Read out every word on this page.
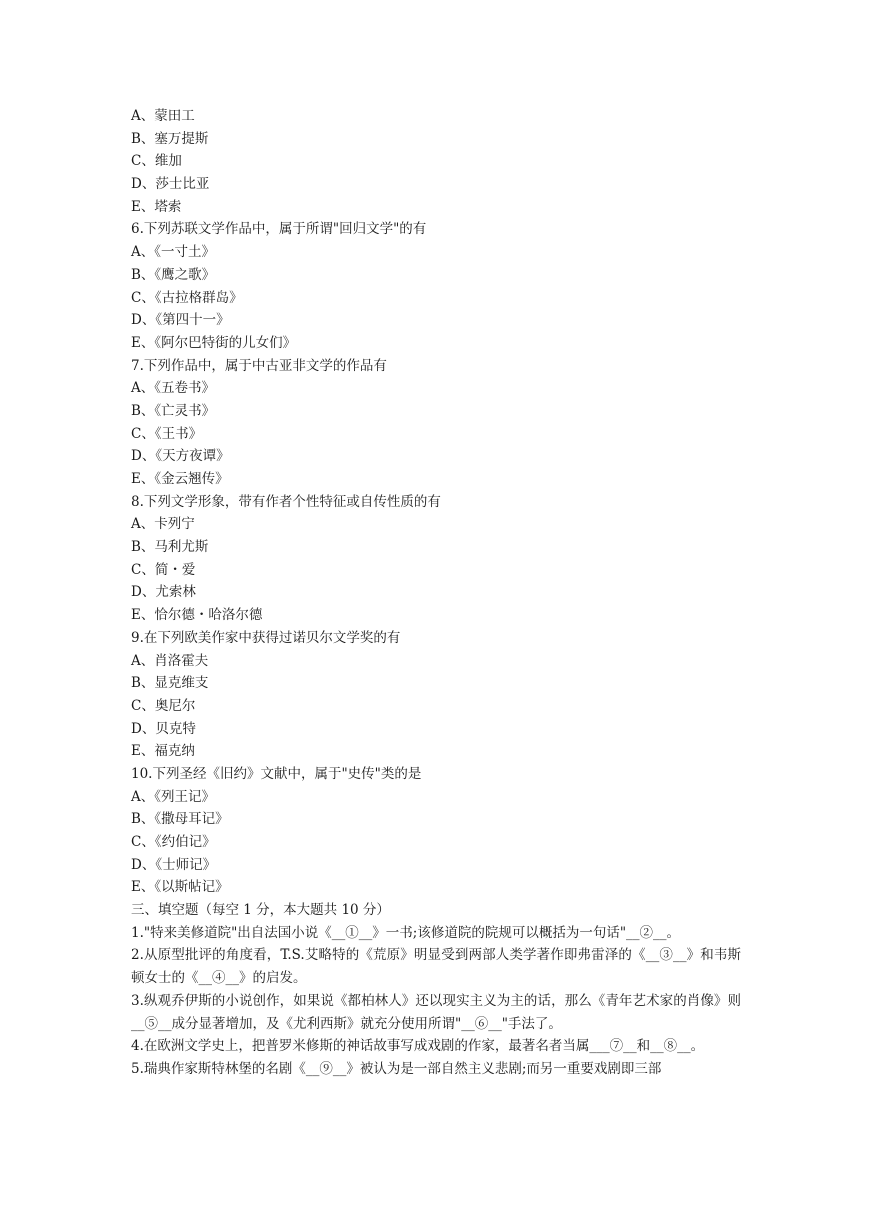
A、蒙田工

B、塞万提斯

C、维加

D、莎士比亚

E、塔索

6.下列苏联文学作品中，属于所谓"回归文学"的有

A、《一寸土》

B、《鹰之歌》

C、《古拉格群岛》

D、《第四十一》

E、《阿尔巴特街的儿女们》

7.下列作品中，属于中古亚非文学的作品有

A、《五卷书》

B、《亡灵书》

C、《王书》

D、《天方夜谭》

E、《金云翘传》

8.下列文学形象，带有作者个性特征或自传性质的有

A、卡列宁

B、马利尤斯

C、简・爱

D、尤索林

E、恰尔德・哈洛尔德

9.在下列欧美作家中获得过诺贝尔文学奖的有

A、肖洛霍夫

B、显克维支

C、奥尼尔

D、贝克特

E、福克纳

10.下列圣经《旧约》文献中，属于"史传"类的是

A、《列王记》

B、《撒母耳记》

C、《约伯记》

D、《士师记》

E、《以斯帖记》

三、填空题（每空 1 分，本大题共 10 分）

1."特来美修道院"出自法国小说《__①__》一书;该修道院的院规可以概括为一句话"__②__。

2.从原型批评的角度看，T.S.艾略特的《荒原》明显受到两部人类学著作即弗雷泽的《__③__》和韦斯顿女士的《__④__》的启发。

3.纵观乔伊斯的小说创作，如果说《都柏林人》还以现实主义为主的话，那么《青年艺术家的肖像》则__⑤__成分显著增加，及《尤利西斯》就充分使用所谓"__⑥__"手法了。

4.在欧洲文学史上，把普罗米修斯的神话故事写成戏剧的作家，最著名者当属___⑦__和__⑧__。

5.瑞典作家斯特林堡的名剧《__⑨__》被认为是一部自然主义悲剧;而另一重要戏剧即三部
